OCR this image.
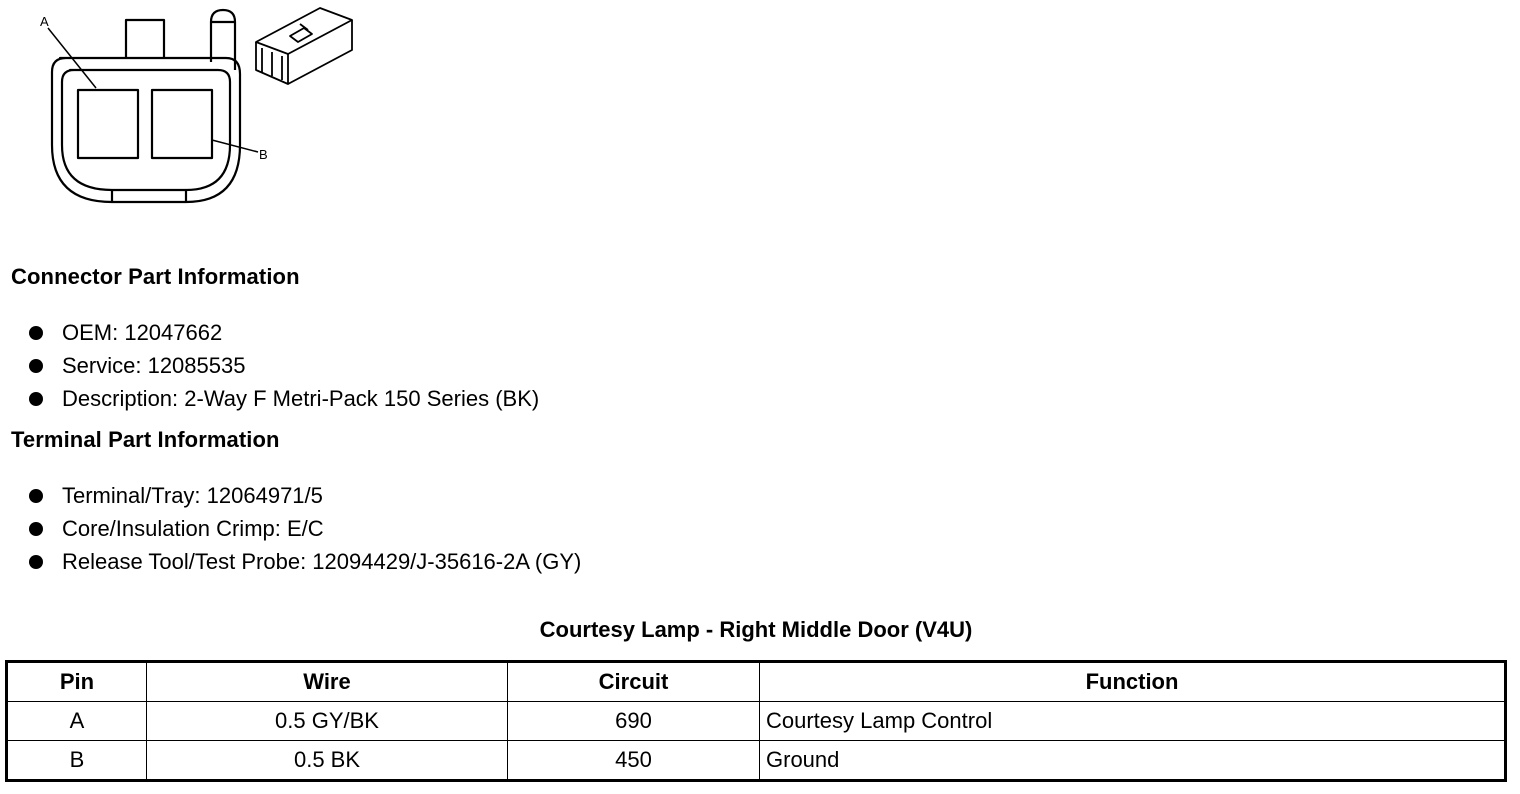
A
B
Connector Part Information
OEM: 12047662
Service: 12085535
Description: 2-Way F Metri-Pack 150 Series (BK)
Terminal Part Information
Terminal/Tray: 12064971/5
Core/Insulation Crimp: E/C
Release Tool/Test Probe: 12094429/J-35616-2A (GY)
Courtesy Lamp - Right Middle Door (V4U)
Pin	Wire	Circuit	Function
A	0.5 GY/BK	690	Courtesy Lamp Control
B	0.5 BK	450	Ground
